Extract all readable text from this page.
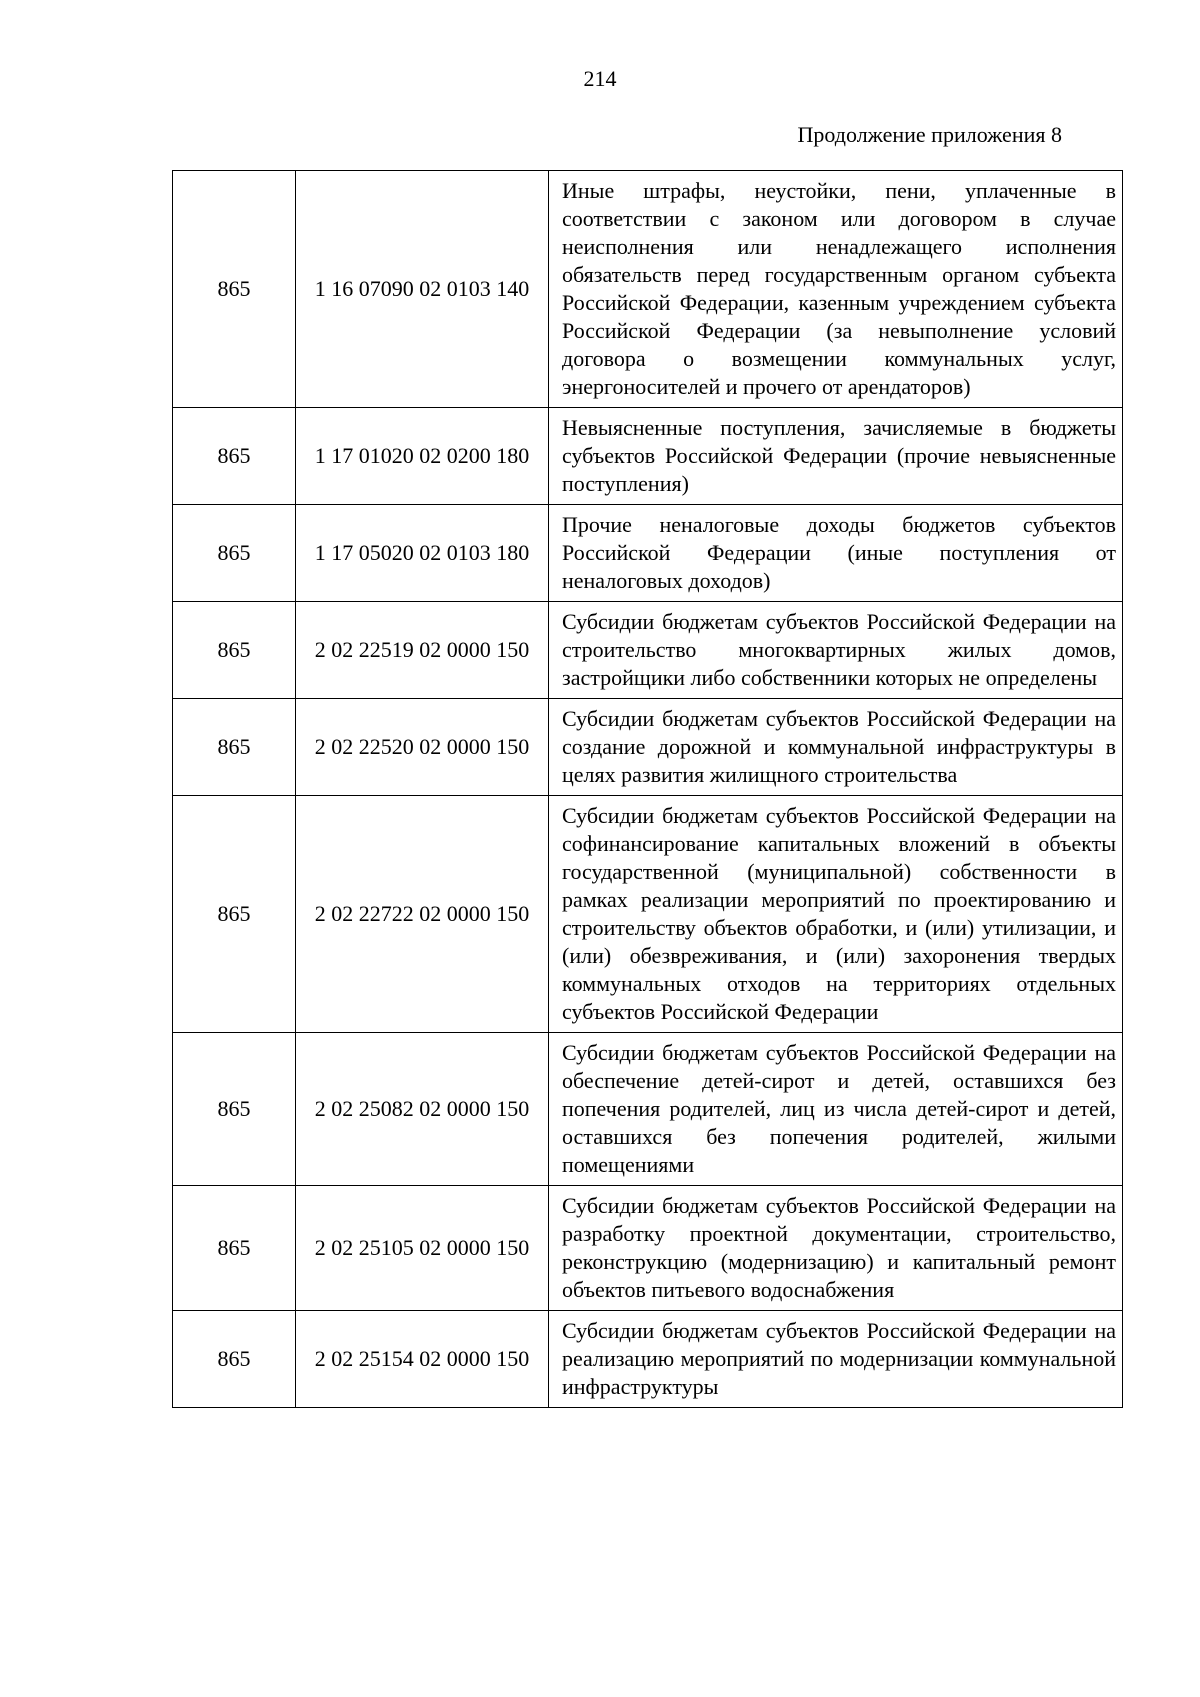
214
Продолжение приложения 8
865	1 16 07090 02 0103 140	Иные штрафы, неустойки, пени, уплаченные в соответствии с законом или договором в случае неисполнения или ненадлежащего исполнения обязательств перед государственным органом субъекта Российской Федерации, казенным учреждением субъекта Российской Федерации (за невыполнение условий договора о возмещении коммунальных услуг, энергоносителей и прочего от арендаторов)
865	1 17 01020 02 0200 180	Невыясненные поступления, зачисляемые в бюджеты субъектов Российской Федерации (прочие невыясненные поступления)
865	1 17 05020 02 0103 180	Прочие неналоговые доходы бюджетов субъектов Российской Федерации (иные поступления от неналоговых доходов)
865	2 02 22519 02 0000 150	Субсидии бюджетам субъектов Российской Федерации на строительство многоквартирных жилых домов, застройщики либо собственники которых не определены
865	2 02 22520 02 0000 150	Субсидии бюджетам субъектов Российской Федерации на создание дорожной и коммунальной инфраструктуры в целях развития жилищного строительства
865	2 02 22722 02 0000 150	Субсидии бюджетам субъектов Российской Федерации на софинансирование капитальных вложений в объекты государственной (муниципальной) собственности в рамках реализации мероприятий по проектированию и строительству объектов обработки, и (или) утилизации, и (или) обезвреживания, и (или) захоронения твердых коммунальных отходов на территориях отдельных субъектов Российской Федерации
865	2 02 25082 02 0000 150	Субсидии бюджетам субъектов Российской Федерации на обеспечение детей-сирот и детей, оставшихся без попечения родителей, лиц из числа детей-сирот и детей, оставшихся без попечения родителей, жилыми помещениями
865	2 02 25105 02 0000 150	Субсидии бюджетам субъектов Российской Федерации на разработку проектной документации, строительство, реконструкцию (модернизацию) и капитальный ремонт объектов питьевого водоснабжения
865	2 02 25154 02 0000 150	Субсидии бюджетам субъектов Российской Федерации на реализацию мероприятий по модернизации коммунальной инфраструктуры
